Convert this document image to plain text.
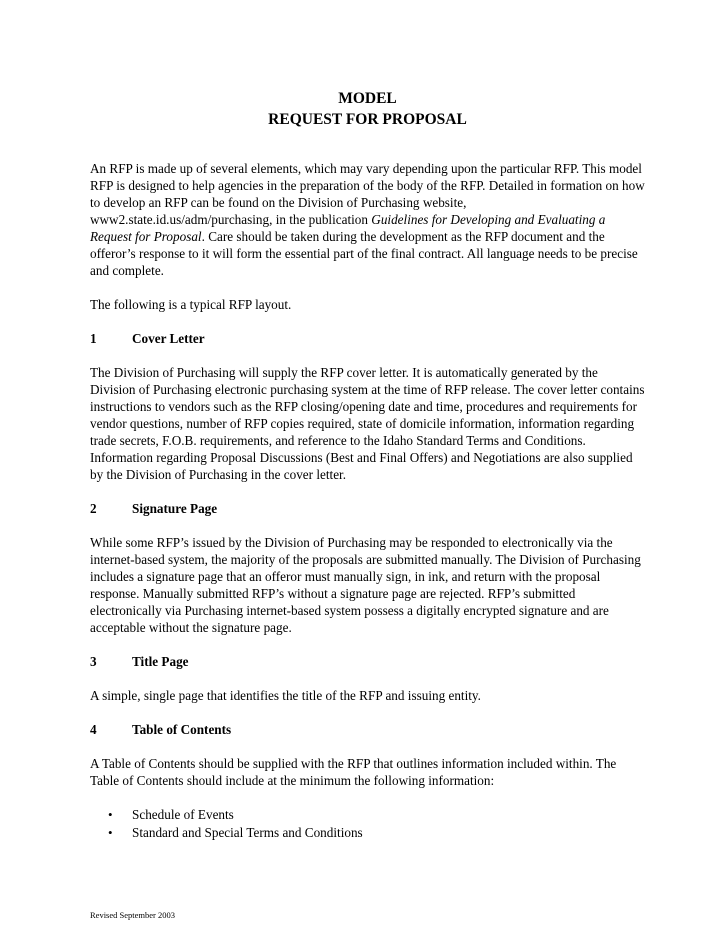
MODEL
REQUEST FOR PROPOSAL

An RFP is made up of several elements, which may vary depending upon the particular RFP. This model RFP is designed to help agencies in the preparation of the body of the RFP. Detailed in formation on how to develop an RFP can be found on the Division of Purchasing website, www2.state.id.us/adm/purchasing, in the publication Guidelines for Developing and Evaluating a Request for Proposal. Care should be taken during the development as the RFP document and the offeror’s response to it will form the essential part of the final contract. All language needs to be precise and complete.

The following is a typical RFP layout.

1	Cover Letter

The Division of Purchasing will supply the RFP cover letter. It is automatically generated by the Division of Purchasing electronic purchasing system at the time of RFP release. The cover letter contains instructions to vendors such as the RFP closing/opening date and time, procedures and requirements for vendor questions, number of RFP copies required, state of domicile information, information regarding trade secrets, F.O.B. requirements, and reference to the Idaho Standard Terms and Conditions. Information regarding Proposal Discussions (Best and Final Offers) and Negotiations are also supplied by the Division of Purchasing in the cover letter.

2	Signature Page

While some RFP’s issued by the Division of Purchasing may be responded to electronically via the internet-based system, the majority of the proposals are submitted manually. The Division of Purchasing includes a signature page that an offeror must manually sign, in ink, and return with the proposal response. Manually submitted RFP’s without a signature page are rejected. RFP’s submitted electronically via Purchasing internet-based system possess a digitally encrypted signature and are acceptable without the signature page.

3	Title Page

A simple, single page that identifies the title of the RFP and issuing entity.

4	Table of Contents

A Table of Contents should be supplied with the RFP that outlines information included within. The Table of Contents should include at the minimum the following information:

•	Schedule of Events
•	Standard and Special Terms and Conditions
Revised September 2003
